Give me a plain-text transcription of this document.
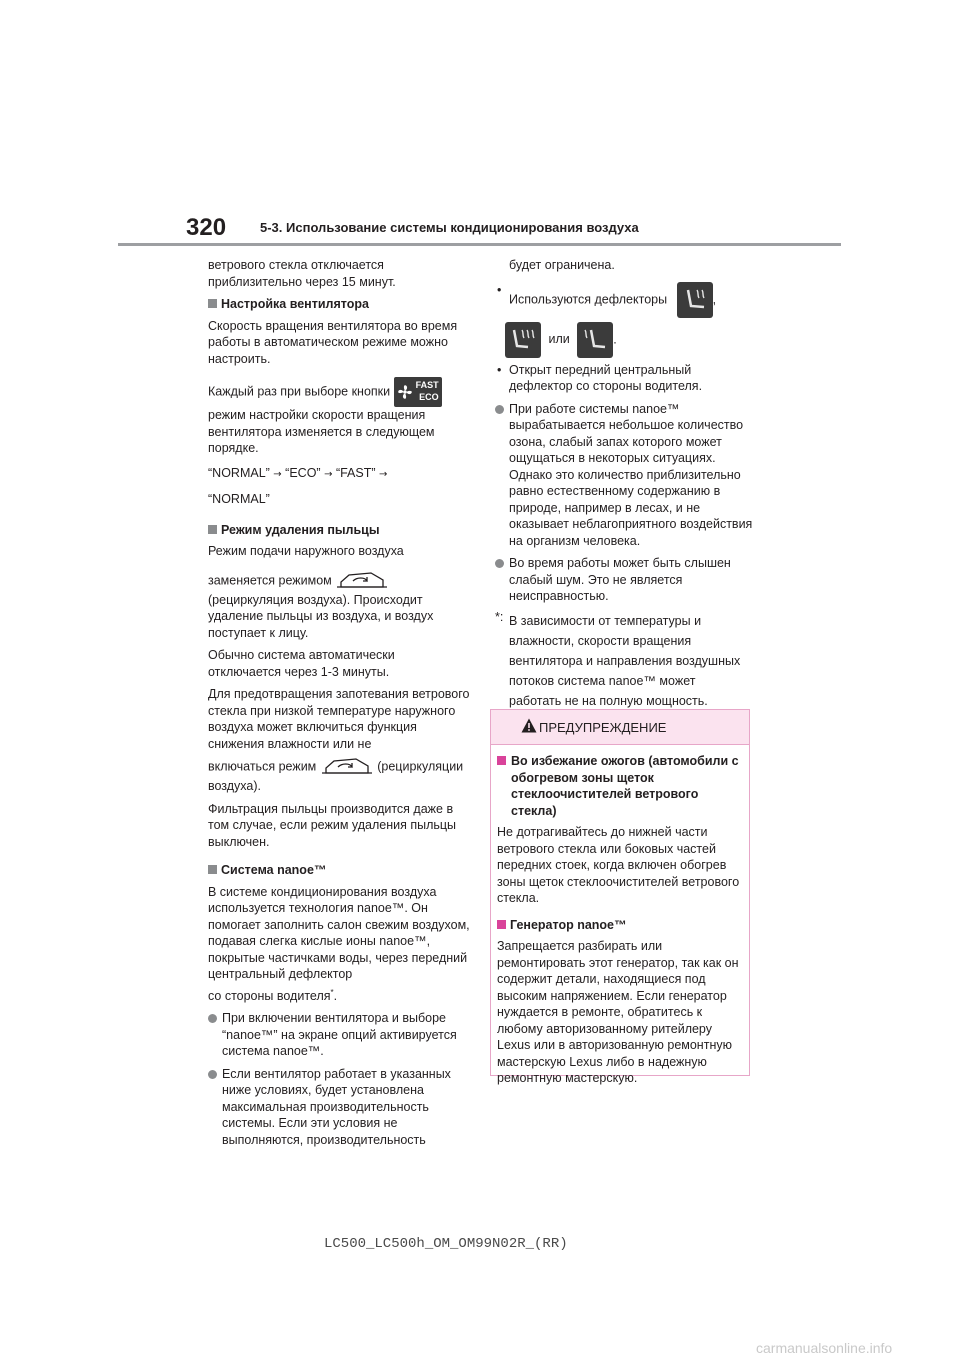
320	5-3. Использование системы кондиционирования воздуха

ветрового стекла отключается приблизительно через 15 минут.

Настройка вентилятора

Скорость вращения вентилятора во время работы в автоматическом режиме можно настроить.

Каждый раз при выборе кнопки	FAST
ECO

режим настройки скорости вращения вентилятора изменяется в следующем порядке.

“NORMAL” → “ECO” → “FAST” →

“NORMAL”

Режим удаления пыльцы

Режим подачи наружного воздуха

заменяется режимом

(рециркуляция воздуха). Происходит удаление пыльцы из воздуха, и воздух поступает к лицу.

Обычно система автоматически отключается через 1-3 минуты.

Для предотвращения запотевания ветрового стекла при низкой температуре наружного воздуха может включиться функция снижения влажности или не

включаться режим	(рециркуляции воздуха).

Фильтрация пыльцы производится даже в том случае, если режим удаления пыльцы выключен.

Система nanoe™

В системе кондиционирования воздуха используется технология nanoe™. Он помогает заполнить салон свежим воздухом, подавая слегка кислые ионы nanoe™, покрытые частичками воды, через передний центральный дефлектор

со стороны водителя*.

При включении вентилятора и выборе “nanoe™” на экране опций активируется система nanoe™.
Если вентилятор работает в указанных ниже условиях, будет установлена максимальная производительность системы. Если эти условия не выполняются, производительность

будет ограничена.

•
Используются дефлекторы	,
или	.
• Открыт передний центральный дефлектор со стороны водителя.
При работе системы nanoe™ вырабатывается небольшое количество озона, слабый запах которого может ощущаться в некоторых ситуациях. Однако это количество приблизительно равно естественному содержанию в природе, например в лесах, и не оказывает неблагоприятного воздействия на организм человека.
Во время работы может быть слышен слабый шум. Это не является неисправностью.
*: В зависимости от температуры и
влажности, скорости вращения
вентилятора и направления воздушных
потоков система nanoe™ может
работать не на полную мощность.
ПРЕДУПРЕЖДЕНИЕ
Во избежание ожогов (автомобили с обогревом зоны щеток стеклоочистителей ветрового стекла)

Не дотрагивайтесь до нижней части ветрового стекла или боковых частей передних стоек, когда включен обогрев зоны щеток стеклоочистителей ветрового стекла.

Генератор nanoe™

Запрещается разбирать или ремонтировать этот генератор, так как он содержит детали, находящиеся под высоким напряжением. Если генератор нуждается в ремонте, обратитесь к любому авторизованному ритейлеру Lexus или в авторизованную ремонтную мастерскую Lexus либо в надежную ремонтную мастерскую.

LC500_LC500h_OM_OM99N02R_(RR)
carmanualsonline.info
